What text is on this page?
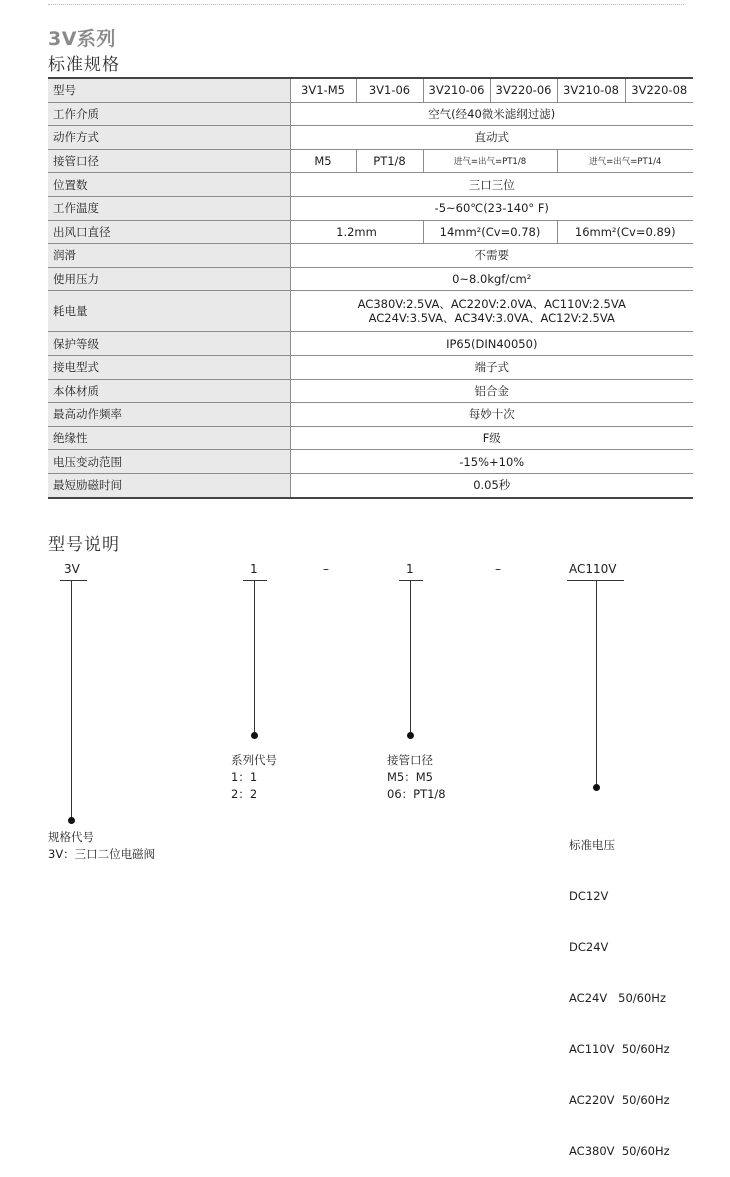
3V系列
标准规格
型号	3V1-M5	3V1-06	3V210-06	3V220-06	3V210-08	3V220-08
工作介质	空气(经40微米滤纲过滤)					
动作方式	直动式					
接管口径	M5	PT1/8	进气=出气=PT1/8		进气=出气=PT1/4	
位置数	三口三位					
工作温度	-5~60℃(23-140° F)					
出风口直径	1.2mm		14mm²(Cv=0.78)		16mm²(Cv=0.89)	
润滑	不需要					
使用压力	0~8.0kgf/cm²					
耗电量	AC380V:2.5VA、AC220V:2.0VA、AC110V:2.5VA
AC24V:3.5VA、AC34V:3.0VA、AC12V:2.5VA					

保护等级	IP65(DIN40050)					
接电型式	端子式					
本体材质	铝合金					
最高动作频率	每妙十次					
绝缘性	F级					
电压变动范围	-15%+10%					
最短励磁时间	0.05秒					
型号说明
3V	1	–	1	–	AC110V
系列代号
1：1
2：2
接管口径
M5：M5
06：PT1/8
规格代号
3V：三口二位电磁阀

标准电压

DC12V

DC24V

AC24V   50/60Hz

AC110V  50/60Hz

AC220V  50/60Hz

AC380V  50/60Hz
